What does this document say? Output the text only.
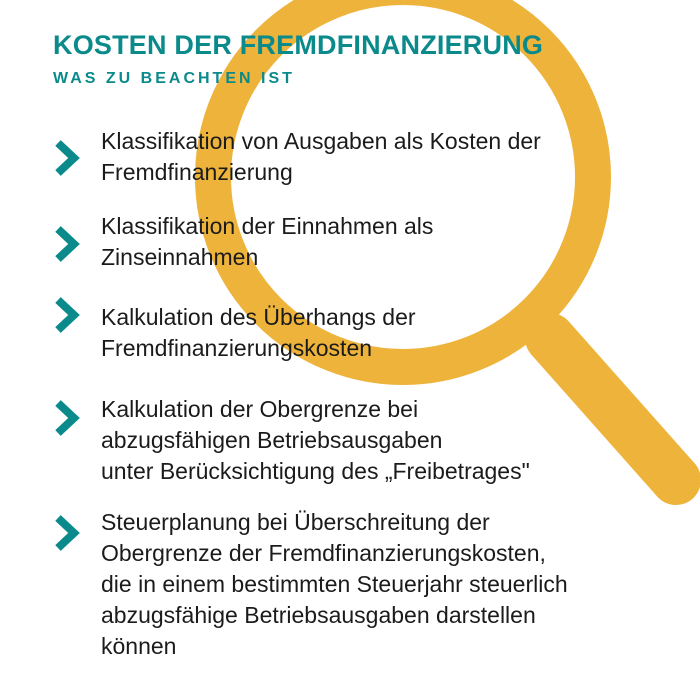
KOSTEN DER FREMDFINANZIERUNG
WAS ZU BEACHTEN IST

Klassifikation von Ausgaben als Kosten der
Fremdfinanzierung

Klassifikation der Einnahmen als
Zinseinnahmen

Kalkulation des Überhangs der
Fremdfinanzierungskosten

Kalkulation der Obergrenze bei
abzugsfähigen Betriebsausgaben
unter Berücksichtigung des „Freibetrages"

Steuerplanung bei Überschreitung der
Obergrenze der Fremdfinanzierungskosten,
die in einem bestimmten Steuerjahr steuerlich
abzugsfähige Betriebsausgaben darstellen
können
